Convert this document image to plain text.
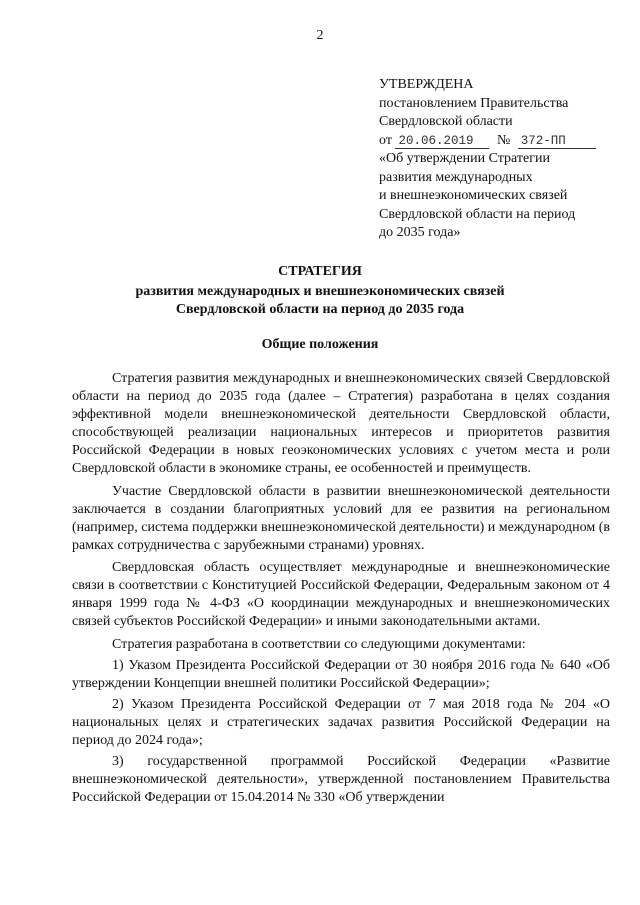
2

УТВЕРЖДЕНА

постановлением Правительства

Свердловской области

от 20.06.2019 № 372-ПП

«Об утверждении Стратегии

развития международных

и внешнеэкономических связей

Свердловской области на период

до 2035 года»

СТРАТЕГИЯ

развития международных и внешнеэкономических связей

Свердловской области на период до 2035 года

Общие положения

Стратегия развития международных и внешнеэкономических связей Свердловской области на период до 2035 года (далее – Стратегия) разработана в целях создания эффективной модели внешнеэкономической деятельности Свердловской области, способствующей реализации национальных интересов и приоритетов развития Российской Федерации в новых геоэкономических условиях с учетом места и роли Свердловской области в экономике страны, ее особенностей и преимуществ.

Участие Свердловской области в развитии внешнеэкономической деятельности заключается в создании благоприятных условий для ее развития на региональном (например, система поддержки внешнеэкономической деятельности) и международном (в рамках сотрудничества с зарубежными странами) уровнях.

Свердловская область осуществляет международные и внешнеэкономические связи в соответствии с Конституцией Российской Федерации, Федеральным законом от 4 января 1999 года № 4-ФЗ «О координации международных и внешнеэкономических связей субъектов Российской Федерации» и иными законодательными актами.

Стратегия разработана в соответствии со следующими документами:

1) Указом Президента Российской Федерации от 30 ноября 2016 года № 640 «Об утверждении Концепции внешней политики Российской Федерации»;

2) Указом Президента Российской Федерации от 7 мая 2018 года № 204 «О национальных целях и стратегических задачах развития Российской Федерации на период до 2024 года»;

3) государственной программой Российской Федерации «Развитие внешнеэкономической деятельности», утвержденной постановлением Правительства Российской Федерации от 15.04.2014 № 330 «Об утверждении
